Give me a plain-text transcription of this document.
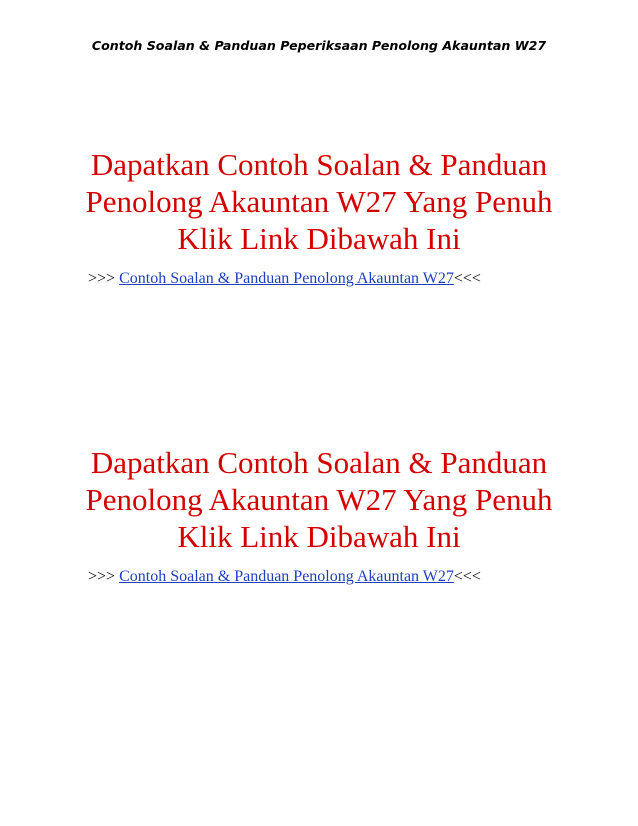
Contoh Soalan & Panduan Peperiksaan Penolong Akauntan W27
Dapatkan Contoh Soalan & Panduan Penolong Akauntan W27 Yang Penuh Klik Link Dibawah Ini
>>> Contoh Soalan & Panduan Penolong Akauntan W27<<<
Dapatkan Contoh Soalan & Panduan Penolong Akauntan W27 Yang Penuh Klik Link Dibawah Ini
>>> Contoh Soalan & Panduan Penolong Akauntan W27<<<
